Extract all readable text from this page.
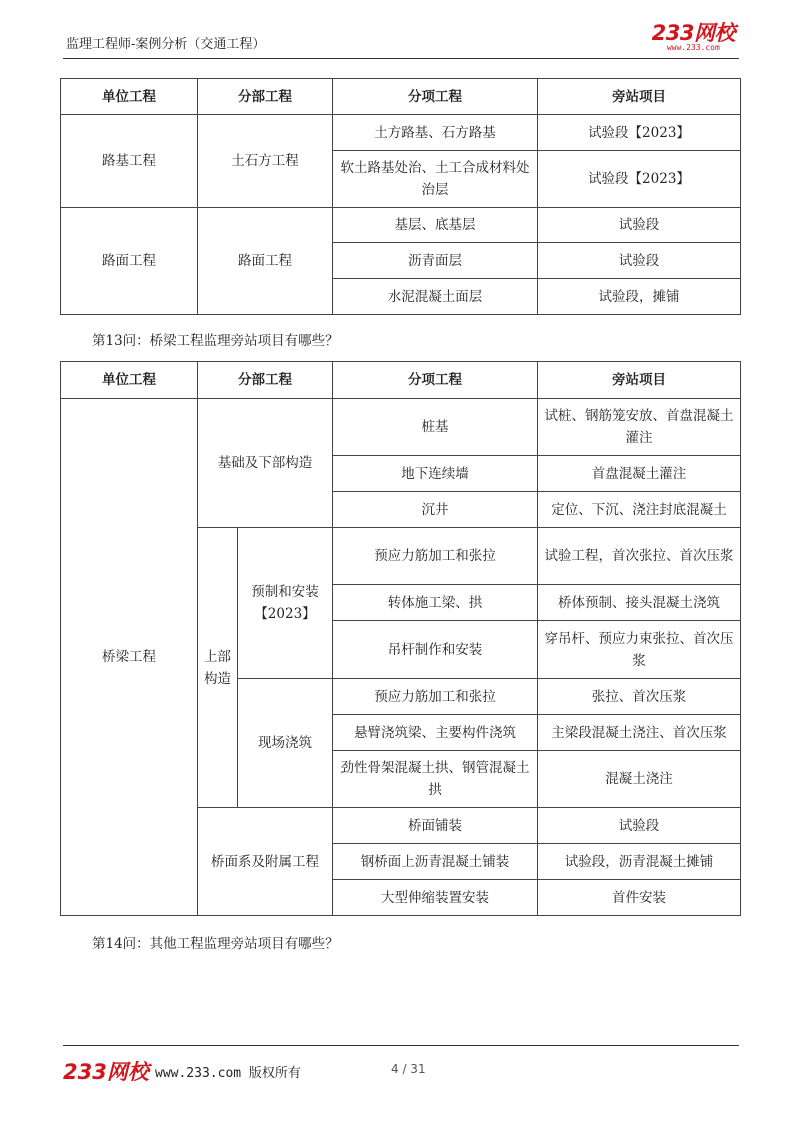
监理工程师-案例分析（交通工程）	233网校
www.233.com
单位工程	分部工程	分项工程	旁站项目
路基工程	土石方工程	土方路基、石方路基	试验段【2023】
		软土路基处治、土工合成材料处治层	试验段【2023】
路面工程	路面工程	基层、底基层	试验段
		沥青面层	试验段
		水泥混凝土面层	试验段，摊铺
第13问：桥梁工程监理旁站项目有哪些？
单位工程	分部工程		分项工程	旁站项目
桥梁工程	基础及下部构造		桩基	试桩、钢筋笼安放、首盘混凝土灌注
			地下连续墙	首盘混凝土灌注
			沉井	定位、下沉、浇注封底混凝土
	上部构造	预制和安装【2023】	预应力筋加工和张拉	试验工程，首次张拉、首次压浆
			转体施工梁、拱	桥体预制、接头混凝土浇筑
			吊杆制作和安装	穿吊杆、预应力束张拉、首次压浆
		现场浇筑	预应力筋加工和张拉	张拉、首次压浆
			悬臂浇筑梁、主要构件浇筑	主梁段混凝土浇注、首次压浆
			劲性骨架混凝土拱、钢管混凝土拱	混凝土浇注
	桥面系及附属工程		桥面铺装	试验段
			钢桥面上沥青混凝土铺装	试验段，沥青混凝土摊铺
			大型伸缩装置安装	首件安装
第14问：其他工程监理旁站项目有哪些？
233网校 www.233.com 版权所有	4 / 31
